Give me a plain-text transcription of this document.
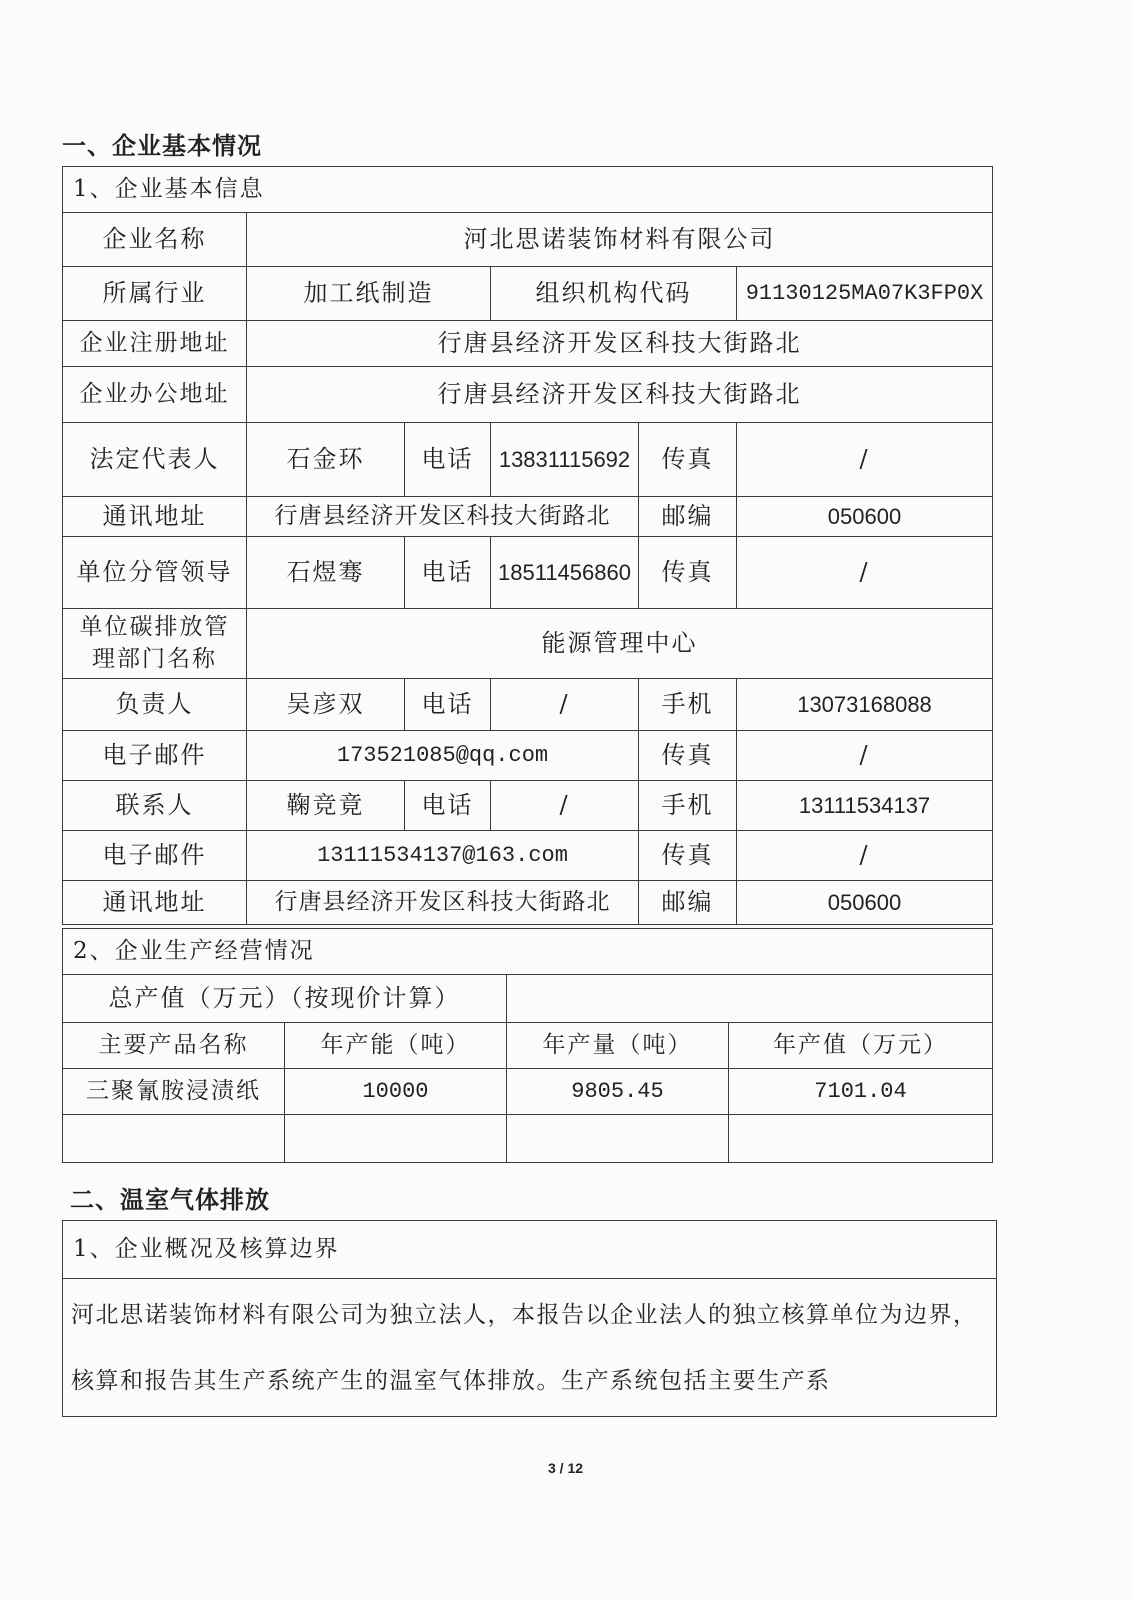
一、企业基本情况
1、企业基本信息					
企业名称	河北思诺装饰材料有限公司				
所属行业	加工纸制造		组织机构代码		91130125MA07K3FP0X
企业注册地址	行唐县经济开发区科技大街路北				
企业办公地址	行唐县经济开发区科技大街路北				
法定代表人	石金环	电话	13831115692	传真	/
通讯地址	行唐县经济开发区科技大街路北			邮编	050600
单位分管领导	石煜骞	电话	18511456860	传真	/
单位碳排放管理部门名称	能源管理中心				
负责人	吴彦双	电话	/	手机	13073168088
电子邮件	173521085@qq.com			传真	/
联系人	鞠竞竟	电话	/	手机	13111534137
电子邮件	13111534137@163.com			传真	/
通讯地址	行唐县经济开发区科技大街路北			邮编	050600
2、企业生产经营情况			
总产值（万元）（按现价计算）			
主要产品名称	年产能（吨）	年产量（吨）	年产值（万元）
三聚氰胺浸渍纸	10000	9805.45	7101.04

二、温室气体排放
1、企业概况及核算边界
河北思诺装饰材料有限公司为独立法人，本报告以企业法人的独立核算单位为边界，核算和报告其生产系统产生的温室气体排放。生产系统包括主要生产系
3 / 12
